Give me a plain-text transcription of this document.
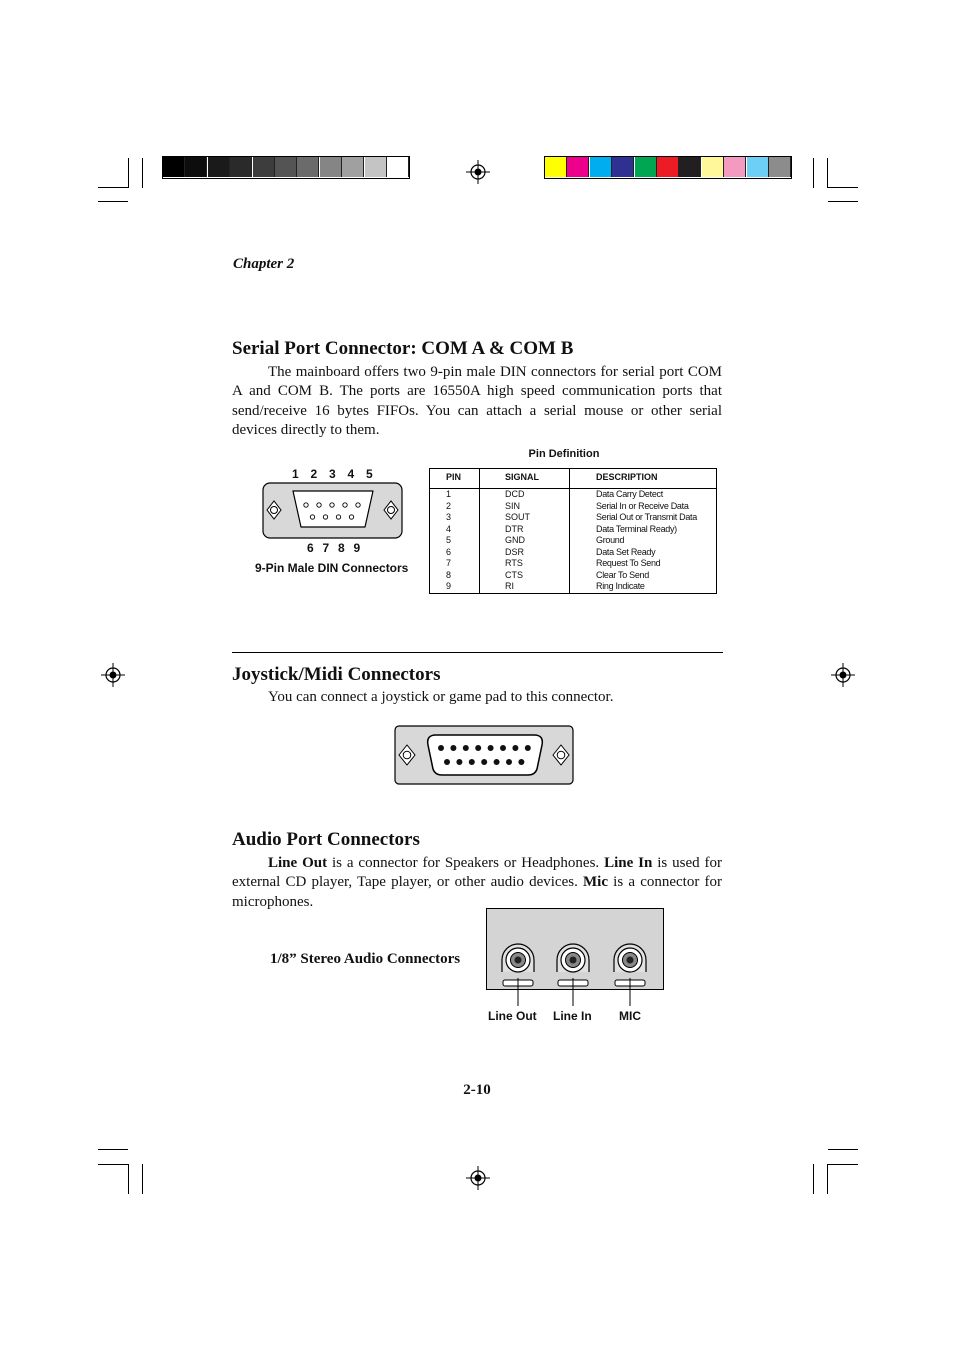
Chapter 2
Serial Port Connector: COM A & COM B
The mainboard offers two 9-pin male DIN connectors for serial port COM A and COM B. The ports are 16550A high speed communication ports that send/receive 16 bytes FIFOs. You can attach a serial mouse or other serial devices directly to them.
1 2 3 4 5
6 7 8 9
9-Pin Male DIN Connectors
Pin Definition
PIN	SIGNAL	DESCRIPTION
1
2
3
4
5
6
7
8
9
DCD
SIN
SOUT
DTR
GND
DSR
RTS
CTS
RI
Data Carry Detect
Serial In or Receive Data
Serial Out or Transmit Data
Data Terminal Ready)
Ground
Data Set Ready
Request To Send
Clear To Send
Ring Indicate
Joystick/Midi Connectors
You can connect a joystick or game pad to this connector.
Audio Port Connectors
Line Out is a connector for Speakers or Headphones. Line In is used for external CD player, Tape player, or other audio devices. Mic is a connector for microphones.
1/8” Stereo Audio Connectors
Line Out Line In MIC
2-10
